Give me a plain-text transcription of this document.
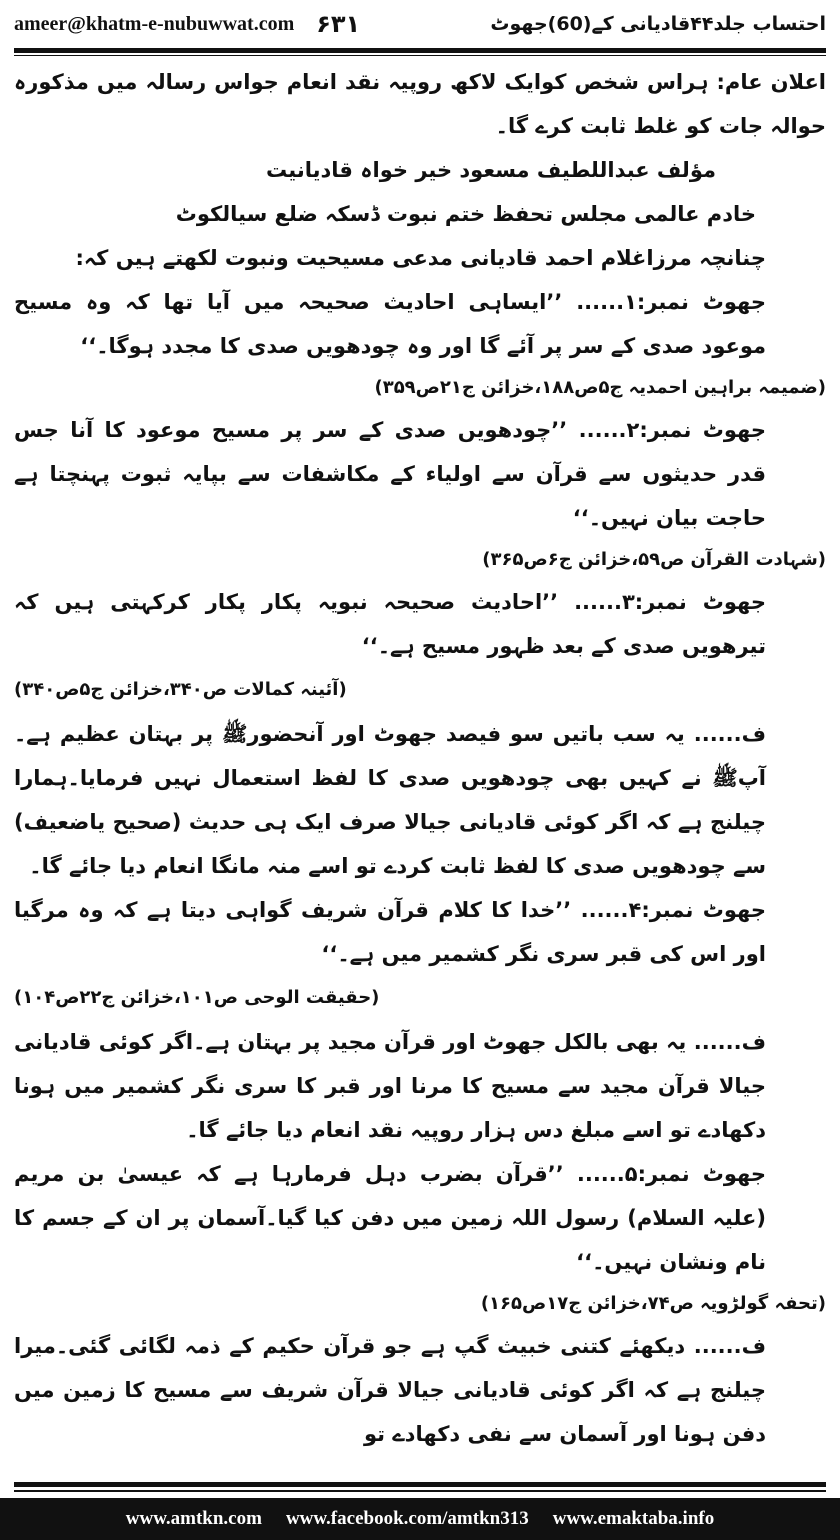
ameer@khatm-e-nubuwwat.com ۶۳۱	احتساب جلد۴۴قادیانی کے(60)جھوٹ

اعلان عام: ہراس شخص کوایک لاکھ روپیہ نقد انعام جواس رسالہ میں مذکورہ حوالہ جات کو غلط ثابت کرے گا۔

مؤلف عبداللطیف مسعود خیر خواہ قادیانیت

خادم عالمی مجلس تحفظ ختم نبوت ڈسکہ ضلع سیالکوٹ

چنانچہ مرزاغلام احمد قادیانی مدعی مسیحیت ونبوت لکھتے ہیں کہ:

جھوٹ نمبر:۱...... ’’ایساہی احادیث صحیحہ میں آیا تھا کہ وہ مسیح موعود صدی کے سر پر آئے گا اور وہ چودھویں صدی کا مجدد ہوگا۔‘‘

(ضمیمہ براہین احمدیہ ج۵ص۱۸۸،خزائن ج۲۱ص۳۵۹)

جھوٹ نمبر:۲...... ’’چودھویں صدی کے سر پر مسیح موعود کا آنا جس قدر حدیثوں سے قرآن سے اولیاء کے مکاشفات سے بپایہ ثبوت پہنچتا ہے حاجت بیان نہیں۔‘‘

(شہادت القرآن ص۵۹،خزائن ج۶ص۳۶۵)

جھوٹ نمبر:۳...... ’’احادیث صحیحہ نبویہ پکار پکار کرکہتی ہیں کہ تیرھویں صدی کے بعد ظہور مسیح ہے۔‘‘

(آئینہ کمالات ص۳۴۰،خزائن ج۵ص۳۴۰)

ف...... یہ سب باتیں سو فیصد جھوٹ اور آنحضورﷺ پر بہتان عظیم ہے۔ آپﷺ نے کہیں بھی چودھویں صدی کا لفظ استعمال نہیں فرمایا۔ہمارا چیلنج ہے کہ اگر کوئی قادیانی جیالا صرف ایک ہی حدیث (صحیح یاضعیف) سے چودھویں صدی کا لفظ ثابت کردے تو اسے منہ مانگا انعام دیا جائے گا۔

جھوٹ نمبر:۴...... ’’خدا کا کلام قرآن شریف گواہی دیتا ہے کہ وہ مرگیا اور اس کی قبر سری نگر کشمیر میں ہے۔‘‘

(حقیقت الوحی ص۱۰۱،خزائن ج۲۲ص۱۰۴)

ف...... یہ بھی بالکل جھوٹ اور قرآن مجید پر بہتان ہے۔اگر کوئی قادیانی جیالا قرآن مجید سے مسیح کا مرنا اور قبر کا سری نگر کشمیر میں ہونا دکھادے تو اسے مبلغ دس ہزار روپیہ نقد انعام دیا جائے گا۔

جھوٹ نمبر:۵...... ’’قرآن بضرب دہل فرمارہا ہے کہ عیسیٰ بن مریم (علیہ السلام) رسول اللہ زمین میں دفن کیا گیا۔آسمان پر ان کے جسم کا نام ونشان نہیں۔‘‘

(تحفہ گولڑویہ ص۷۴،خزائن ج۱۷ص۱۶۵)

ف...... دیکھئے کتنی خبیث گپ ہے جو قرآن حکیم کے ذمہ لگائی گئی۔میرا چیلنج ہے کہ اگر کوئی قادیانی جیالا قرآن شریف سے مسیح کا زمین میں دفن ہونا اور آسمان سے نفی دکھادے تو

www.amtkn.com www.facebook.com/amtkn313 www.emaktaba.info
